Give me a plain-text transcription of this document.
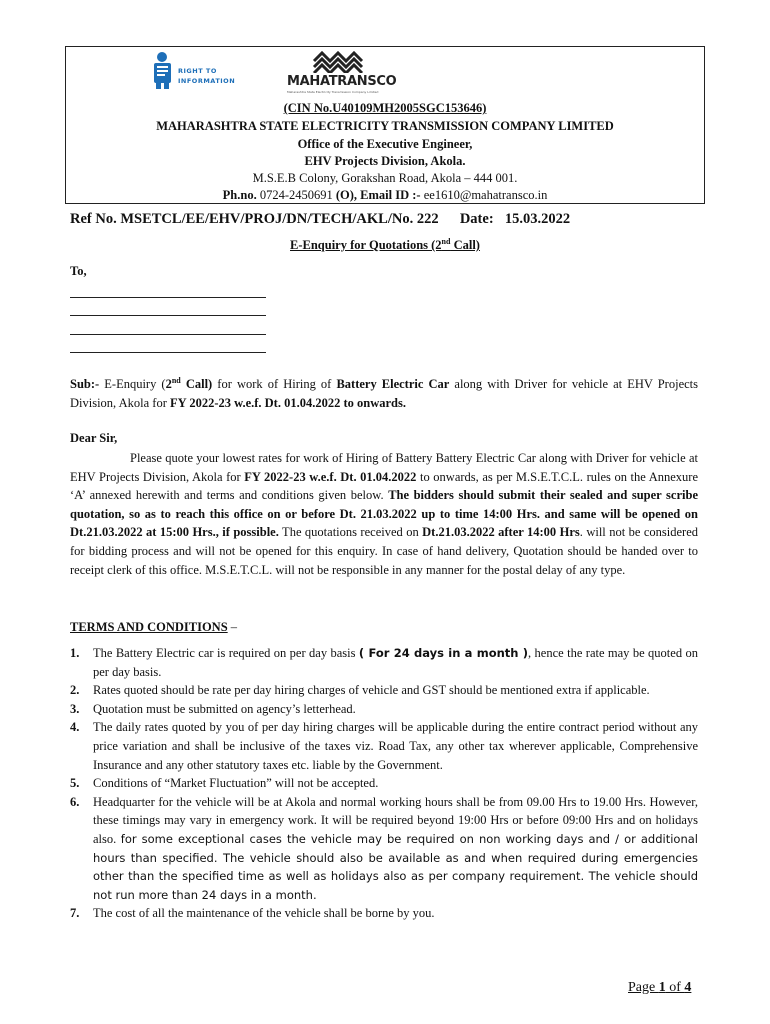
RIGHT TO
INFORMATION	MAHATRANSCO
Maharashtra State Electricity Transmission Company Limited
(CIN No.U40109MH2005SGC153646)
MAHARASHTRA STATE ELECTRICITY TRANSMISSION COMPANY LIMITED
Office of the Executive Engineer,
EHV Projects Division, Akola.
M.S.E.B Colony, Gorakshan Road, Akola – 444 001.
Ph.no. 0724-2450691 (O), Email ID :- ee1610@mahatransco.in
Ref No. MSETCL/EE/EHV/PROJ/DN/TECH/AKL/No. 222 Date: 15.03.2022
E-Enquiry for Quotations (2nd Call)
To,
Sub:- E-Enquiry (2nd Call) for work of Hiring of Battery Electric Car along with Driver for vehicle at EHV Projects Division, Akola for FY 2022-23 w.e.f. Dt. 01.04.2022 to onwards.
Dear Sir,
Please quote your lowest rates for work of Hiring of Battery Battery Electric Car along with Driver for vehicle at EHV Projects Division, Akola for FY 2022-23 w.e.f. Dt. 01.04.2022 to onwards, as per M.S.E.T.C.L. rules on the Annexure ‘A’ annexed herewith and terms and conditions given below. The bidders should submit their sealed and super scribe quotation, so as to reach this office on or before Dt. 21.03.2022 up to time 14:00 Hrs. and same will be opened on Dt.21.03.2022 at 15:00 Hrs., if possible. The quotations received on Dt.21.03.2022 after 14:00 Hrs. will not be considered for bidding process and will not be opened for this enquiry. In case of hand delivery, Quotation should be handed over to receipt clerk of this office. M.S.E.T.C.L. will not be responsible in any manner for the postal delay of any type.
TERMS AND CONDITIONS –
1. The Battery Electric car is required on per day basis ( For 24 days in a month ), hence the rate may be quoted on per day basis.
2. Rates quoted should be rate per day hiring charges of vehicle and GST should be mentioned extra if applicable.
3. Quotation must be submitted on agency’s letterhead.
4. The daily rates quoted by you of per day hiring charges will be applicable during the entire contract period without any price variation and shall be inclusive of the taxes viz. Road Tax, any other tax wherever applicable, Comprehensive Insurance and any other statutory taxes etc. liable by the Government.
5. Conditions of “Market Fluctuation” will not be accepted.
6. Headquarter for the vehicle will be at Akola and normal working hours shall be from 09.00 Hrs to 19.00 Hrs. However, these timings may vary in emergency work. It will be required beyond 19:00 Hrs or before 09:00 Hrs and on holidays also. for some exceptional cases the vehicle may be required on non working days and / or additional hours than specified. The vehicle should also be available as and when required during emergencies other than the specified time as well as holidays also as per company requirement. The vehicle should not run more than 24 days in a month.
7. The cost of all the maintenance of the vehicle shall be borne by you.
Page 1 of 4
